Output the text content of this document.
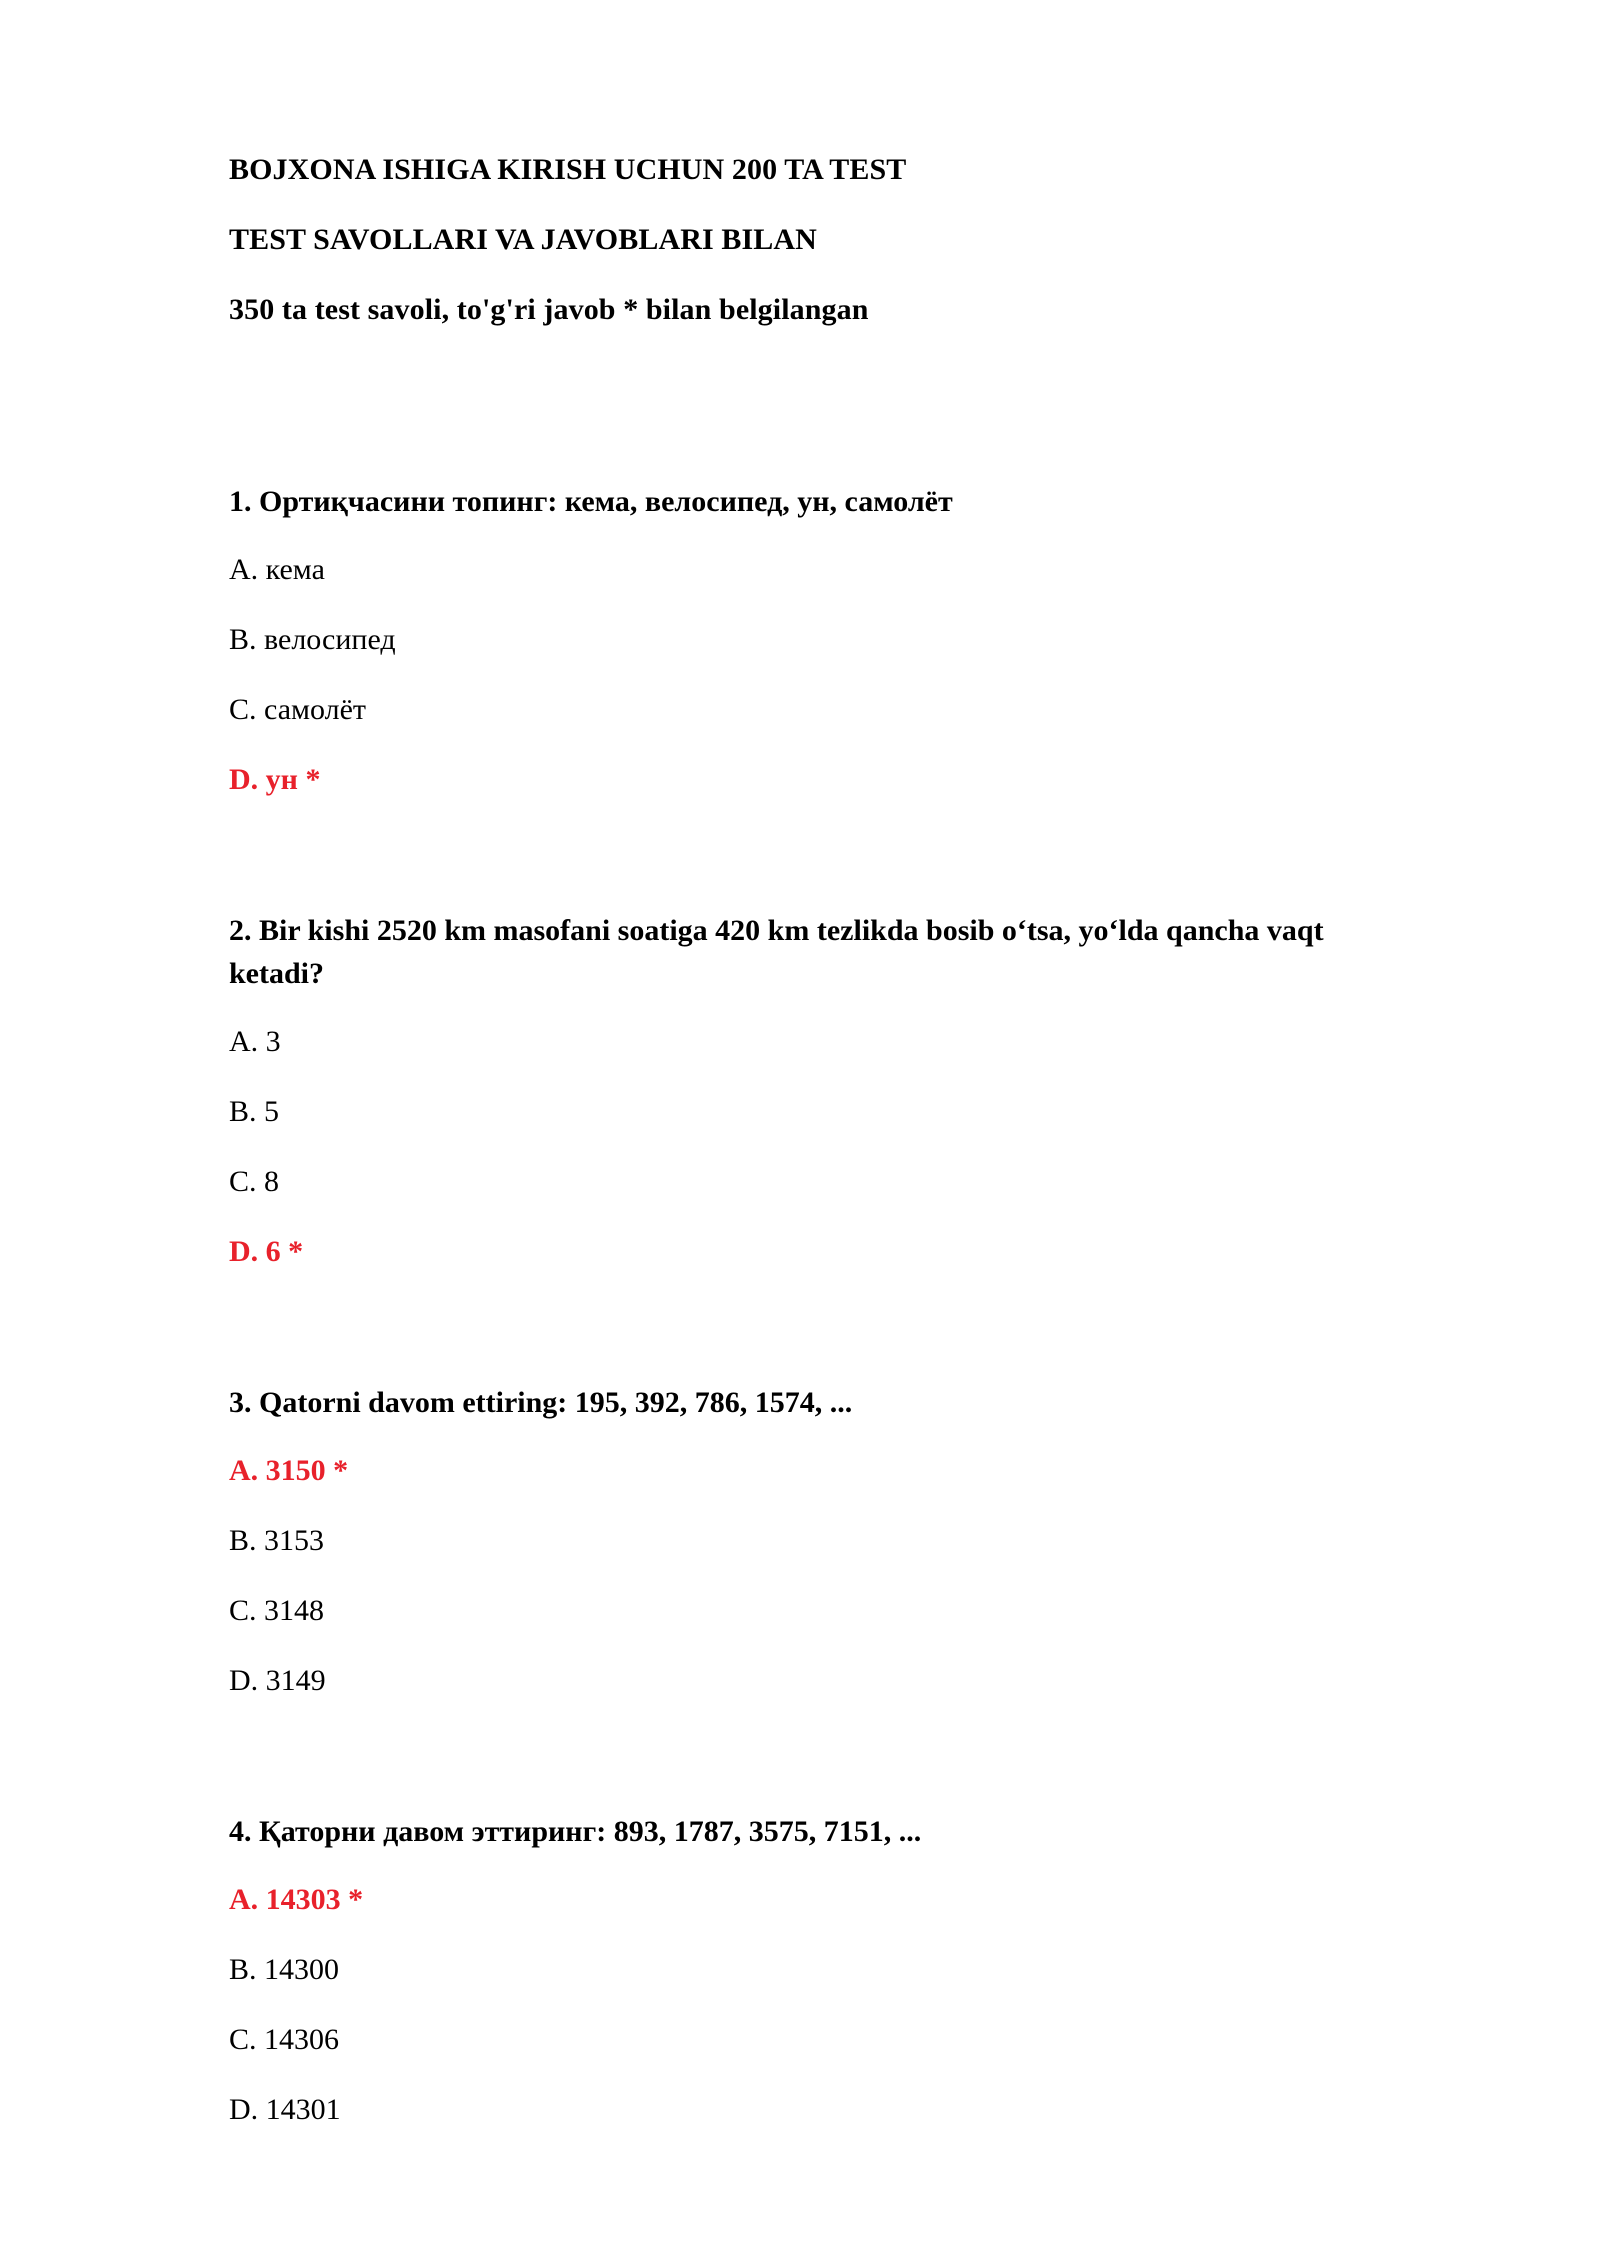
BOJXONA ISHIGA KIRISH UCHUN 200 TA TEST
TEST SAVOLLARI VA JAVOBLARI BILAN
350 ta test savoli, to'g'ri javob * bilan belgilangan
1. Ортиқчасини топинг: кема, велосипед, ун, самолёт
A. кема
B. велосипед
C. самолёт
D. ун *
2. Bir kishi 2520 km masofani soatiga 420 km tezlikda bosib o‘tsa, yo‘lda qancha vaqt ketadi?
A. 3
B. 5
C. 8
D. 6 *
3. Qatorni davom ettiring: 195, 392, 786, 1574, ...
A. 3150 *
B. 3153
C. 3148
D. 3149
4. Қаторни давом эттиринг: 893, 1787, 3575, 7151, ...
A. 14303 *
B. 14300
C. 14306
D. 14301
